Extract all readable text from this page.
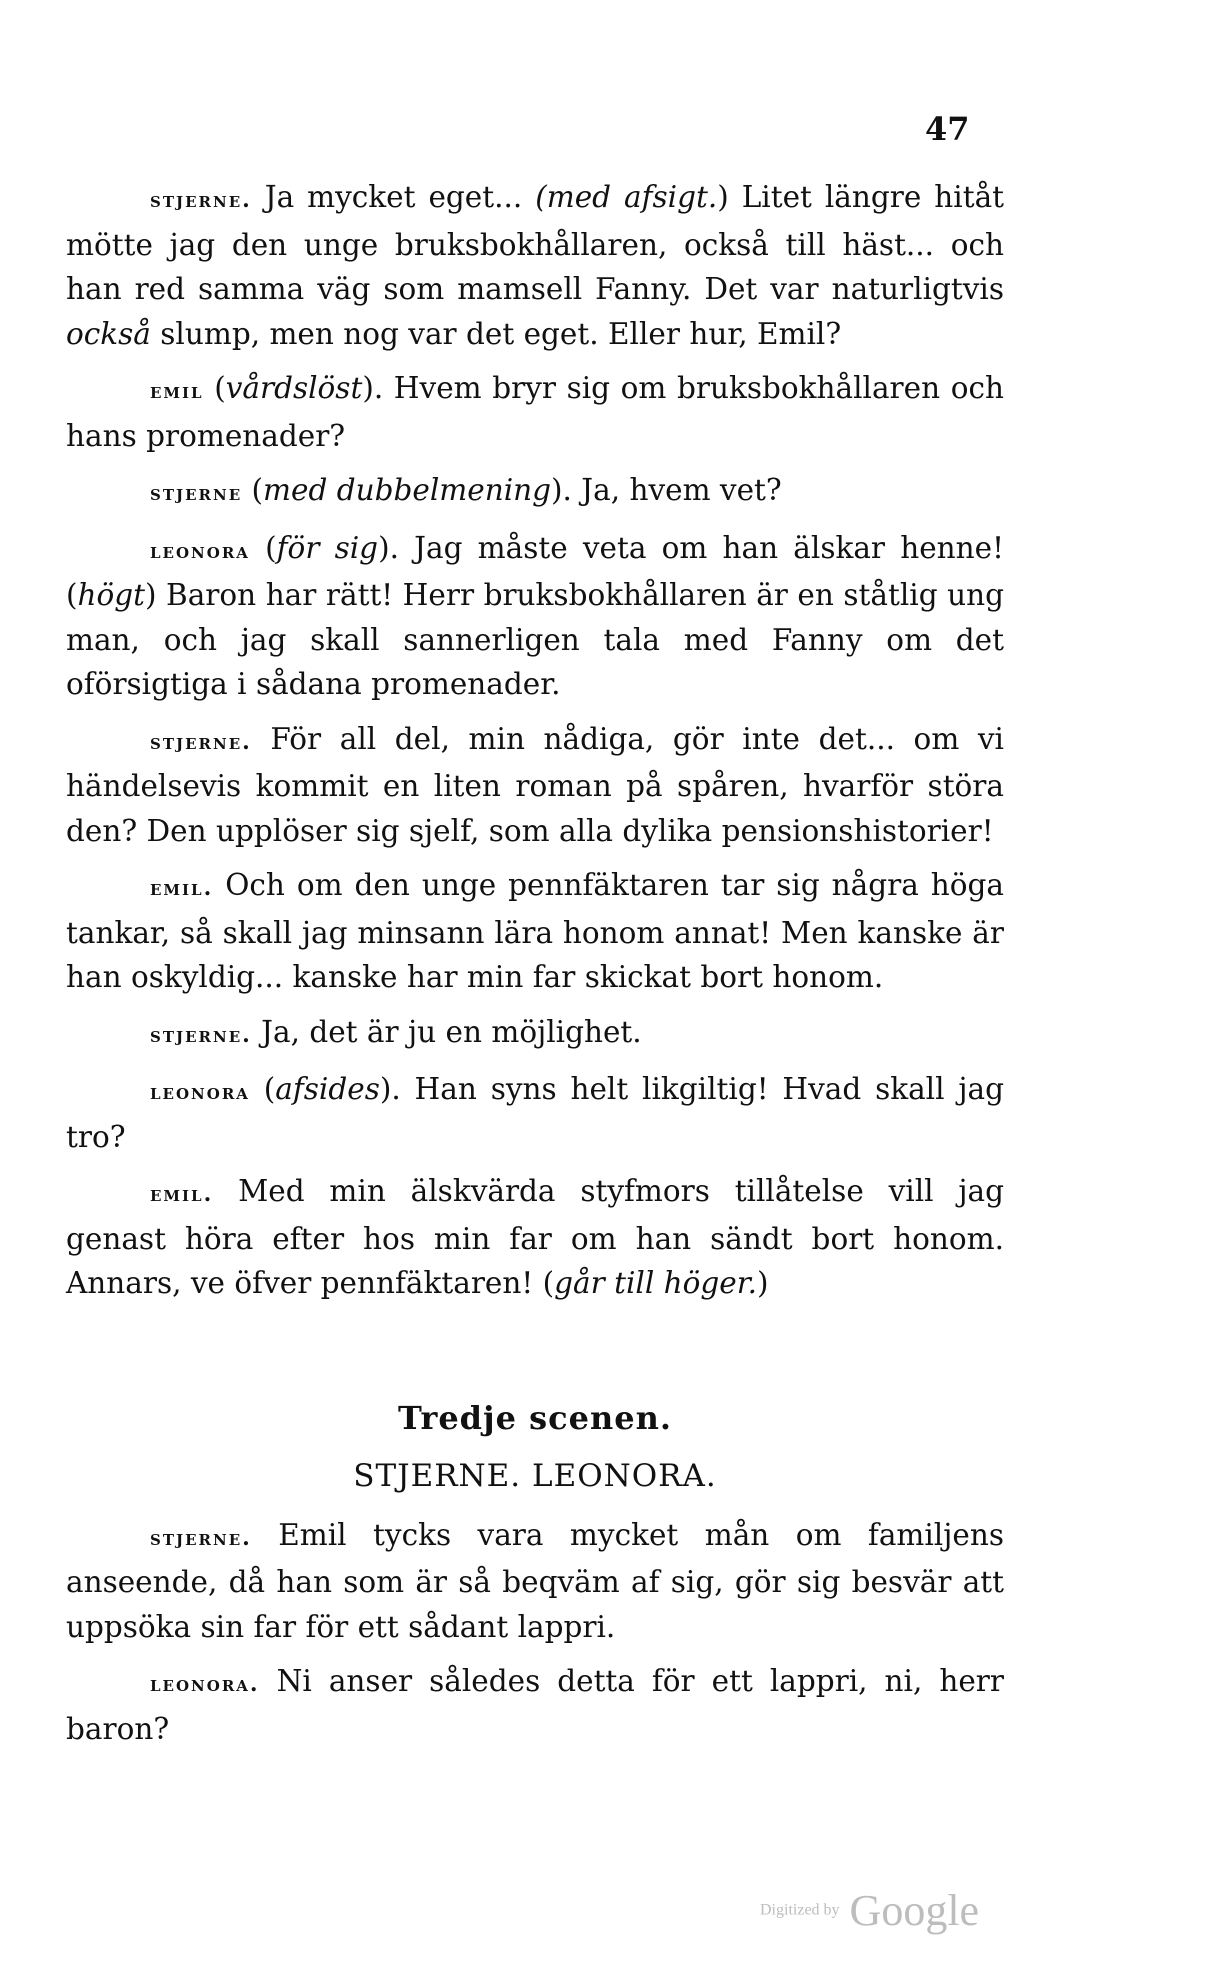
47

stjerne. Ja mycket eget... (med afsigt.) Litet längre hitåt mötte jag den unge bruksbokhållaren, också till häst... och han red samma väg som mamsell Fanny. Det var naturligtvis också slump, men nog var det eget. Eller hur, Emil?

emil (vårdslöst). Hvem bryr sig om bruksbokhållaren och hans promenader?

stjerne (med dubbelmening). Ja, hvem vet?

leonora (för sig). Jag måste veta om han älskar henne! (högt) Baron har rätt! Herr bruksbokhållaren är en ståtlig ung man, och jag skall sannerligen tala med Fanny om det oförsigtiga i sådana promenader.

stjerne. För all del, min nådiga, gör inte det... om vi händelsevis kommit en liten roman på spåren, hvarför störa den? Den upplöser sig sjelf, som alla dylika pensionshistorier!

emil. Och om den unge pennfäktaren tar sig några höga tankar, så skall jag minsann lära honom annat! Men kanske är han oskyldig... kanske har min far skickat bort honom.

stjerne. Ja, det är ju en möjlighet.

leonora (afsides). Han syns helt likgiltig! Hvad skall jag tro?

emil. Med min älskvärda styfmors tillåtelse vill jag genast höra efter hos min far om han sändt bort honom. Annars, ve öfver pennfäktaren! (går till höger.)

Tredje scenen.
STJERNE. LEONORA.

stjerne. Emil tycks vara mycket mån om familjens anseende, då han som är så beqväm af sig, gör sig besvär att uppsöka sin far för ett sådant lappri.

leonora. Ni anser således detta för ett lappri, ni, herr baron?

Digitized by Google
